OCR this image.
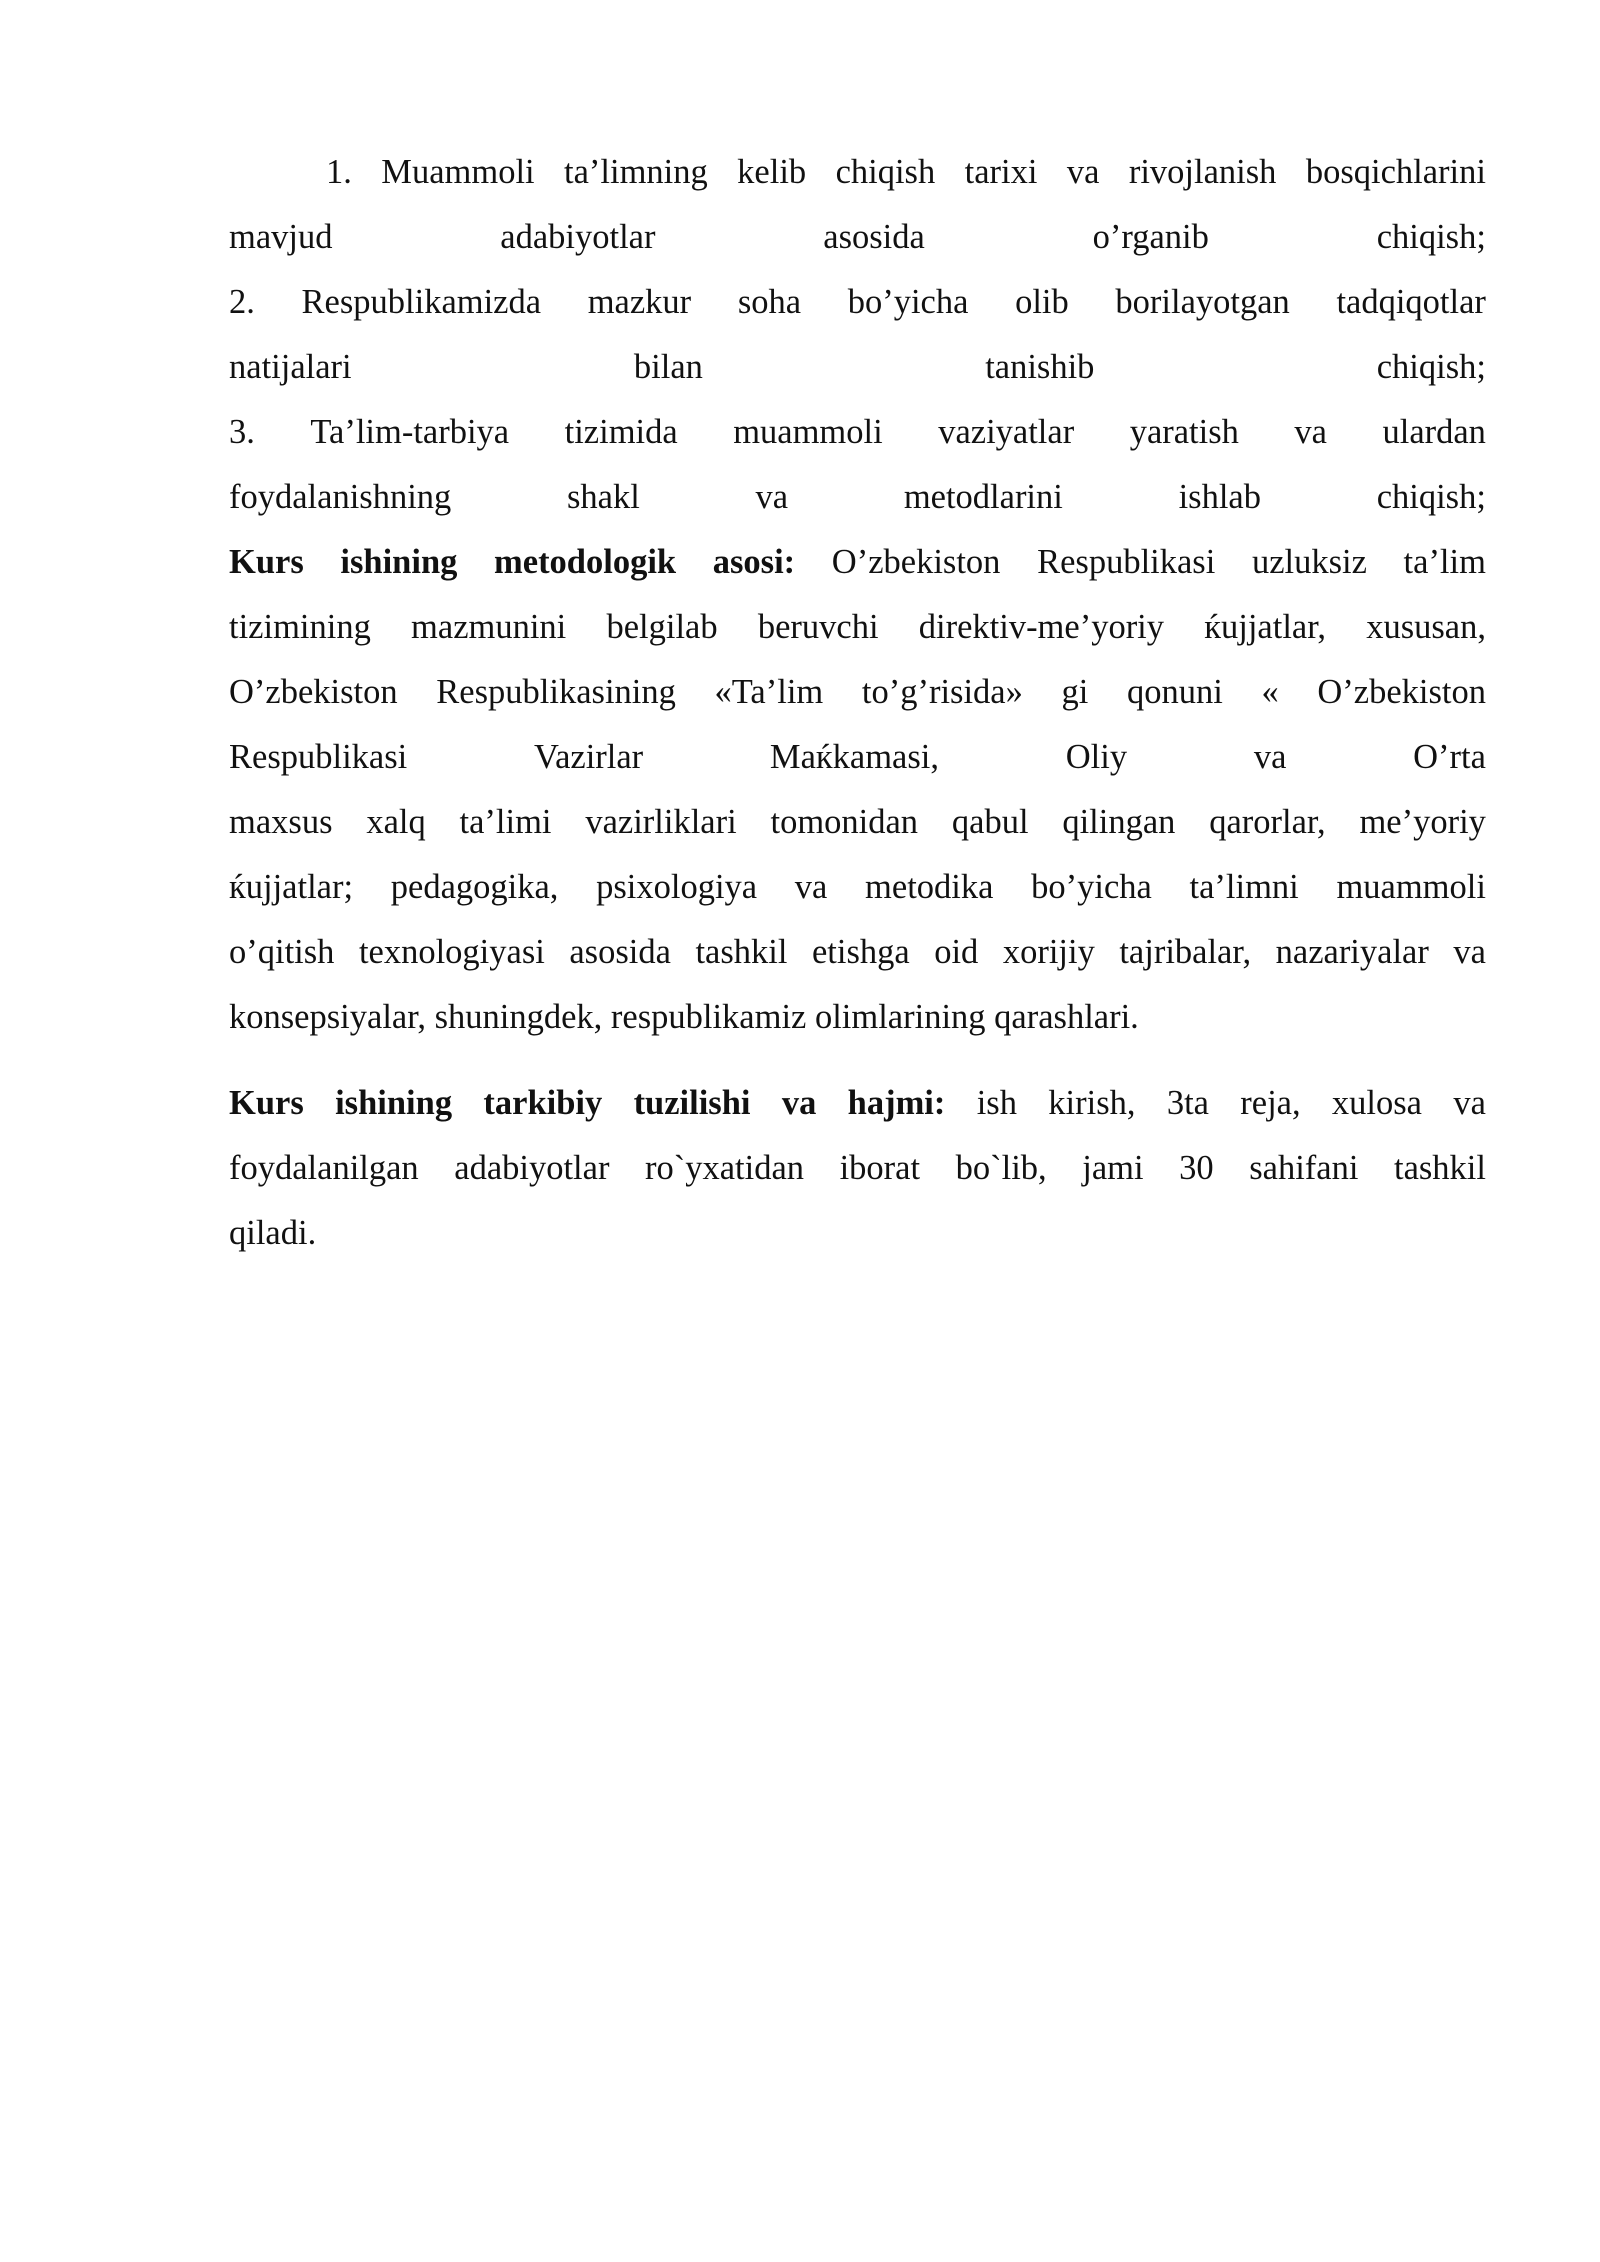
1. Muammoli ta’limning kelib chiqish tarixi va rivojlanish bosqichlarini
mavjud	adabiyotlar	asosida	o’rganib	chiqish;
2. Respublikamizda mazkur soha bo’yicha olib borilayotgan tadqiqotlar
natijalari	bilan	tanishib	chiqish;
3. Ta’lim-tarbiya tizimida muammoli vaziyatlar yaratish va ulardan
foydalanishning	shakl	va	metodlarini	ishlab	chiqish;
Kurs ishining metodologik asosi: O’zbekiston Respublikasi uzluksiz ta’lim
tizimining mazmunini belgilab beruvchi direktiv-me’yoriy ќujjatlar, xususan,
O’zbekiston Respublikasining «Ta’lim to’g’risida» gi qonuni « O’zbekiston
Respublikasi	Vazirlar	Maќkamasi,	Oliy	va	O’rta
maxsus xalq ta’limi vazirliklari tomonidan qabul qilingan qarorlar, me’yoriy
ќujjatlar; pedagogika, psixologiya va metodika bo’yicha ta’limni muammoli
o’qitish texnologiyasi asosida tashkil etishga oid xorijiy tajribalar, nazariyalar va
konsepsiyalar, shuningdek, respublikamiz olimlarining qarashlari.
Kurs ishining tarkibiy tuzilishi va hajmi: ish kirish, 3ta reja, xulosa va
foydalanilgan adabiyotlar ro`yxatidan iborat bo`lib, jami 30 sahifani tashkil
qiladi.
